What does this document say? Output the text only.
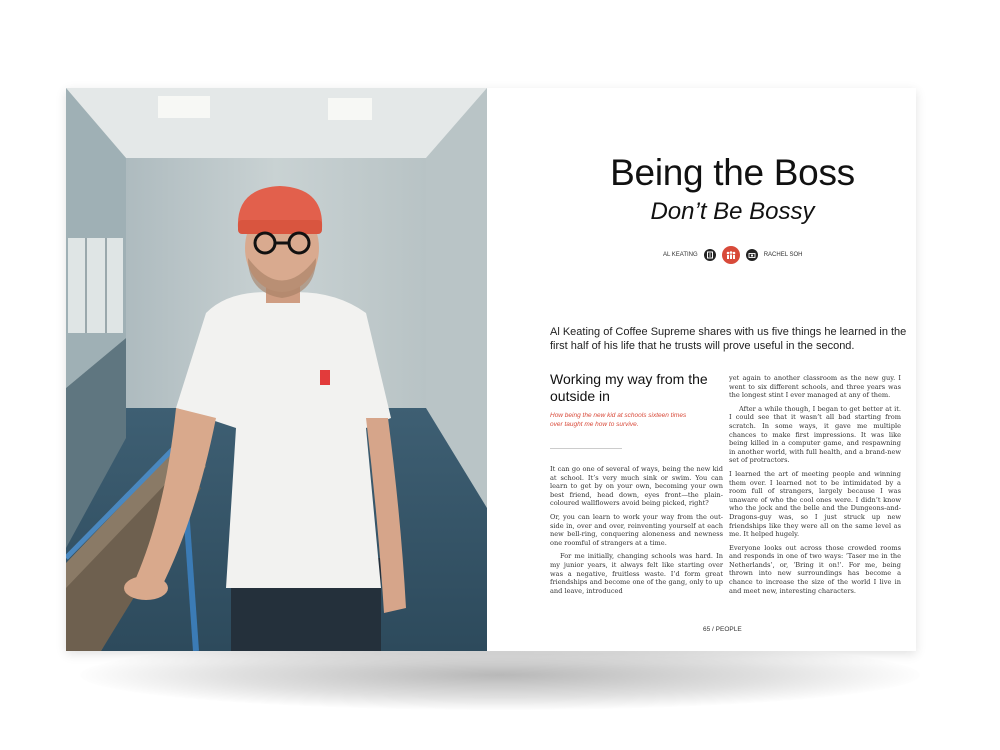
Being the Boss
Don’t Be Bossy
AL KEATING	RACHEL SOH
Al Keating of Coffee Supreme shares with us five things he learned in the first half of his life that he trusts will prove useful in the second.
Working my way from the outside in
How being the new kid at schools sixteen times over taught me how to survive.

It can go one of several of ways, being the new kid at school. It’s very much sink or swim. You can learn to get by on your own, becoming your own best friend, head down, eyes front—the plain-coloured wallflowers avoid being picked, right?

Or, you can learn to work your way from the out- side in, over and over, reinventing yourself at each new bell-ring, conquering aloneness and newness one roomful of strangers at a time.

For me initially, changing schools was hard. In my junior years, it always felt like starting over was a negative, fruitless waste. I’d form great friendships and become one of the gang, only to up and leave, introduced

yet again to another classroom as the new guy. I went to six different schools, and three years was the longest stint I ever managed at any of them.

After a while though, I began to get better at it. I could see that it wasn’t all bad starting from scratch. In some ways, it gave me multiple chances to make first impressions. It was like being killed in a computer game, and respawning in another world, with full health, and a brand-new set of protractors.

I learned the art of meeting people and winning them over. I learned not to be intimidated by a room full of strangers, largely because I was unaware of who the cool ones were. I didn’t know who the jock and the belle and the Dungeons-and-Dragons-guy was, so I just struck up new friendships like they were all on the same level as me. It helped hugely.

Everyone looks out across those crowded rooms and responds in one of two ways: ‘Taser me in the Netherlands’, or, ‘Bring it on!’. For me, being thrown into new surroundings has become a chance to increase the size of the world I live in and meet new, interesting characters.

65 / PEOPLE
